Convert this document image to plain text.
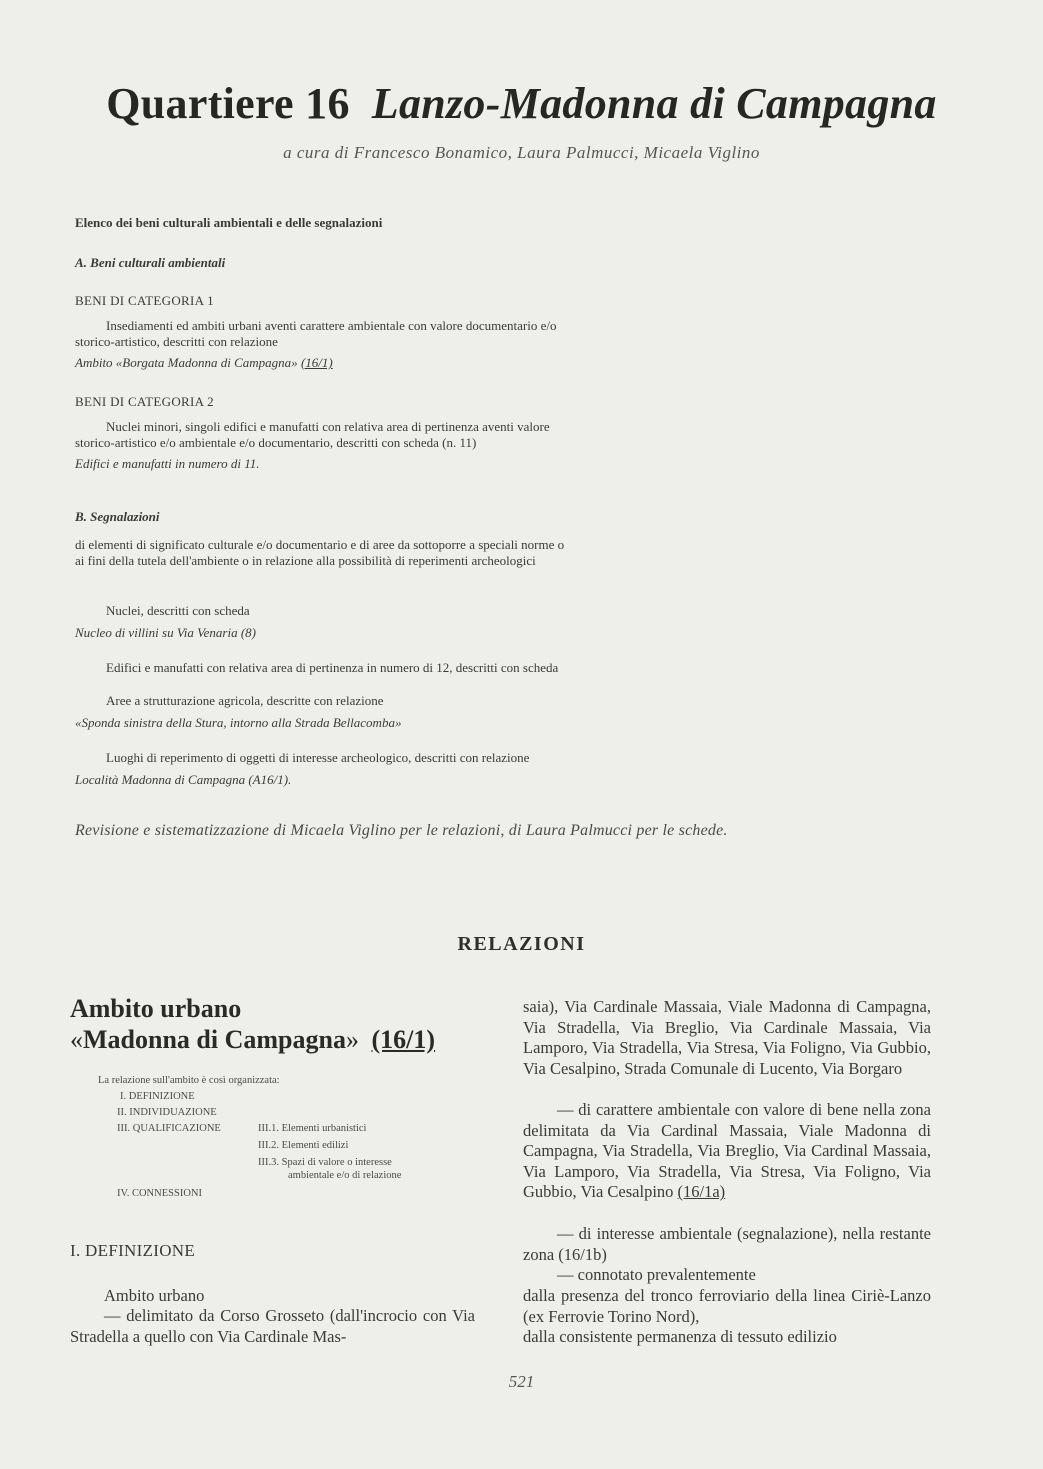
Quartiere 16 Lanzo-Madonna di Campagna
a cura di Francesco Bonamico, Laura Palmucci, Micaela Viglino
Elenco dei beni culturali ambientali e delle segnalazioni
A. Beni culturali ambientali
BENI DI CATEGORIA 1
Insediamenti ed ambiti urbani aventi carattere ambientale con valore documentario e/o
storico-artistico, descritti con relazione
Ambito «Borgata Madonna di Campagna» (16/1)
BENI DI CATEGORIA 2
Nuclei minori, singoli edifici e manufatti con relativa area di pertinenza aventi valore
storico-artistico e/o ambientale e/o documentario, descritti con scheda (n. 11)
Edifici e manufatti in numero di 11.
B. Segnalazioni
di elementi di significato culturale e/o documentario e di aree da sottoporre a speciali norme o
ai fini della tutela dell'ambiente o in relazione alla possibilità di reperimenti archeologici
Nuclei, descritti con scheda
Nucleo di villini su Via Venaria (8)
Edifici e manufatti con relativa area di pertinenza in numero di 12, descritti con scheda
Aree a strutturazione agricola, descritte con relazione
«Sponda sinistra della Stura, intorno alla Strada Bellacomba»
Luoghi di reperimento di oggetti di interesse archeologico, descritti con relazione
Località Madonna di Campagna (A16/1).
Revisione e sistematizzazione di Micaela Viglino per le relazioni, di Laura Palmucci per le schede.
RELAZIONI
Ambito urbano
«Madonna di Campagna» (16/1)
La relazione sull'ambito è così organizzata:
I. DEFINIZIONE
II. INDIVIDUAZIONE
III. QUALIFICAZIONE	III.1. Elementi urbanistici
III.2. Elementi edilizi
III.3. Spazi di valore o interesse
ambientale e/o di relazione
IV. CONNESSIONI
I. DEFINIZIONE
Ambito urbano
— delimitato da Corso Grosseto (dall'incrocio con Via Stradella a quello con Via Cardinale Mas-
saia), Via Cardinale Massaia, Viale Madonna di Campagna, Via Stradella, Via Breglio, Via Cardinale Massaia, Via Lamporo, Via Stradella, Via Stresa, Via Foligno, Via Gubbio, Via Cesalpino, Strada Comunale di Lucento, Via Borgaro
— di carattere ambientale con valore di bene nella zona delimitata da Via Cardinal Massaia, Viale Madonna di Campagna, Via Stradella, Via Breglio, Via Cardinal Massaia, Via Lamporo, Via Stradella, Via Stresa, Via Foligno, Via Gubbio, Via Cesalpino (16/1a)
— di interesse ambientale (segnalazione), nella restante zona (16/1b)
— connotato prevalentemente
dalla presenza del tronco ferroviario della linea Ciriè-Lanzo (ex Ferrovie Torino Nord),
dalla consistente permanenza di tessuto edilizio
521
